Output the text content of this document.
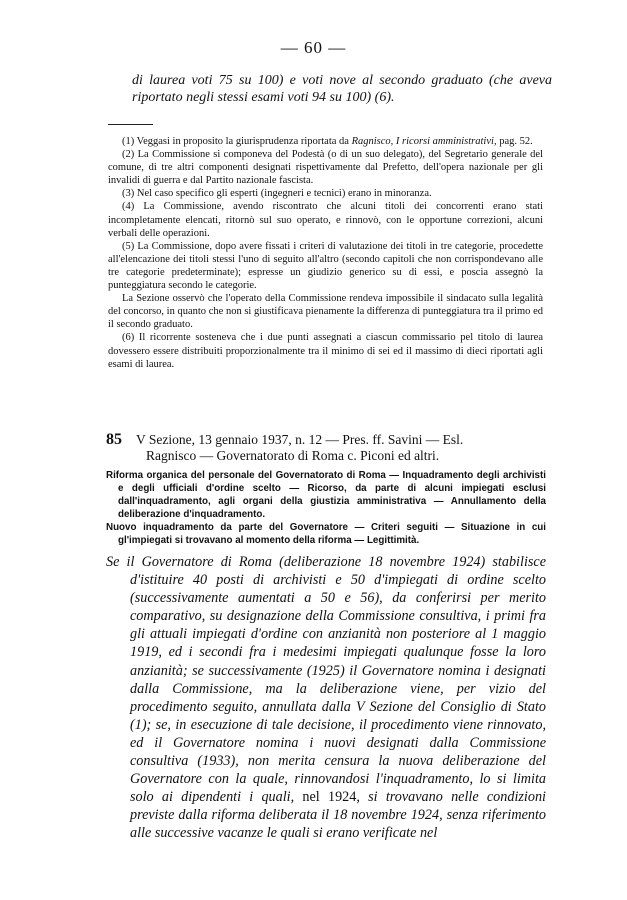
— 60 —
di laurea voti 75 su 100) e voti nove al secondo graduato (che aveva riportato negli stessi esami voti 94 su 100) (6).

(1) Veggasi in proposito la giurisprudenza riportata da Ragnisco, I ricorsi amministrativi, pag. 52.

(2) La Commissione si componeva del Podestà (o di un suo delegato), del Segretario generale del comune, di tre altri componenti designati rispettivamente dal Prefetto, dell'opera nazionale per gli invalidi di guerra e dal Partito nazionale fascista.

(3) Nel caso specifico gli esperti (ingegneri e tecnici) erano in minoranza.

(4) La Commissione, avendo riscontrato che alcuni titoli dei concorrenti erano stati incompletamente elencati, ritornò sul suo operato, e rinnovò, con le opportune correzioni, alcuni verbali delle operazioni.

(5) La Commissione, dopo avere fissati i criteri di valutazione dei titoli in tre categorie, procedette all'elencazione dei titoli stessi l'uno di seguito all'altro (secondo capitoli che non corrispondevano alle tre categorie predeterminate); espresse un giudizio generico su di essi, e poscia assegnò la punteggiatura secondo le categorie.

La Sezione osservò che l'operato della Commissione rendeva impossibile il sindacato sulla legalità del concorso, in quanto che non si giustificava pienamente la differenza di punteggiatura tra il primo ed il secondo graduato.

(6) Il ricorrente sosteneva che i due punti assegnati a ciascun commissario pel titolo di laurea dovessero essere distribuiti proporzionalmente tra il minimo di sei ed il massimo di dieci riportati agli esami di laurea.

85 V Sezione, 13 gennaio 1937, n. 12 — Pres. ff. Savini — Esl.
Ragnisco — Governatorato di Roma c. Piconi ed altri.

Riforma organica del personale del Governatorato di Roma — Inquadramento degli archivisti e degli ufficiali d'ordine scelto — Ricorso, da parte di alcuni impiegati esclusi dall'inquadramento, agli organi della giustizia amministrativa — Annullamento della deliberazione d'inquadramento.

Nuovo inquadramento da parte del Governatore — Criteri seguiti — Situazione in cui gl'impiegati si trovavano al momento della riforma — Legittimità.

Se il Governatore di Roma (deliberazione 18 novembre 1924) stabilisce d'istituire 40 posti di archivisti e 50 d'impiegati di ordine scelto (successivamente aumentati a 50 e 56), da conferirsi per merito comparativo, su designazione della Commissione consultiva, i primi fra gli attuali impiegati d'ordine con anzianità non posteriore al 1 maggio 1919, ed i secondi fra i medesimi impiegati qualunque fosse la loro anzianità; se successivamente (1925) il Governatore nomina i designati dalla Commissione, ma la deliberazione viene, per vizio del procedimento seguito, annullata dalla V Sezione del Consiglio di Stato (1); se, in esecuzione di tale decisione, il procedimento viene rinnovato, ed il Governatore nomina i nuovi designati dalla Commissione consultiva (1933), non merita censura la nuova deliberazione del Governatore con la quale, rinnovandosi l'inquadramento, lo si limita solo ai dipendenti i quali, nel 1924, si trovavano nelle condizioni previste dalla riforma deliberata il 18 novembre 1924, senza riferimento alle successive vacanze le quali si erano verificate nel
